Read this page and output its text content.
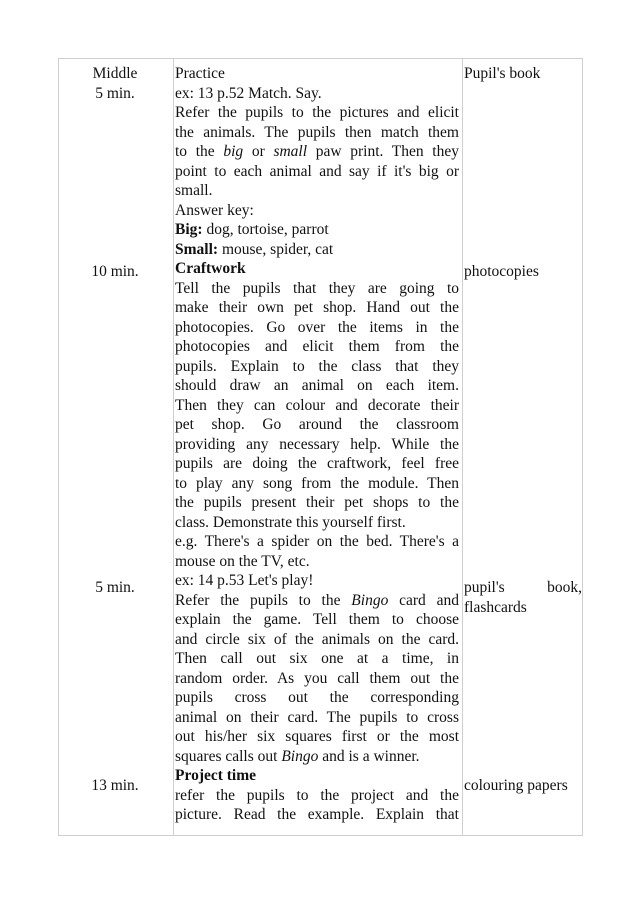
Middle
5 min.
10 min.
5 min.
13 min.
Practice
ex: 13 p.52 Match. Say.
Refer the pupils to the pictures and elicit
the animals. The pupils then match them
to the big or small paw print. Then they
point to each animal and say if it's big or
small.
Answer key:
Big: dog, tortoise, parrot
Small: mouse, spider, cat
Craftwork
Tell the pupils that they are going to
make their own pet shop. Hand out the
photocopies. Go over the items in the
photocopies and elicit them from the
pupils. Explain to the class that they
should draw an animal on each item.
Then they can colour and decorate their
pet shop. Go around the classroom
providing any necessary help. While the
pupils are doing the craftwork, feel free
to play any song from the module. Then
the pupils present their pet shops to the
class. Demonstrate this yourself first.
e.g. There's a spider on the bed. There's a
mouse on the TV, etc.
ex: 14 p.53 Let's play!
Refer the pupils to the Bingo card and
explain the game. Tell them to choose
and circle six of the animals on the card.
Then call out six one at a time, in
random order. As you call them out the
pupils cross out the corresponding
animal on their card. The pupils to cross
out his/her six squares first or the most
squares calls out Bingo and is a winner.
Project time
refer the pupils to the project and the
picture. Read the example. Explain that
Pupil's book
photocopies
pupil's book,
flashcards
colouring papers
